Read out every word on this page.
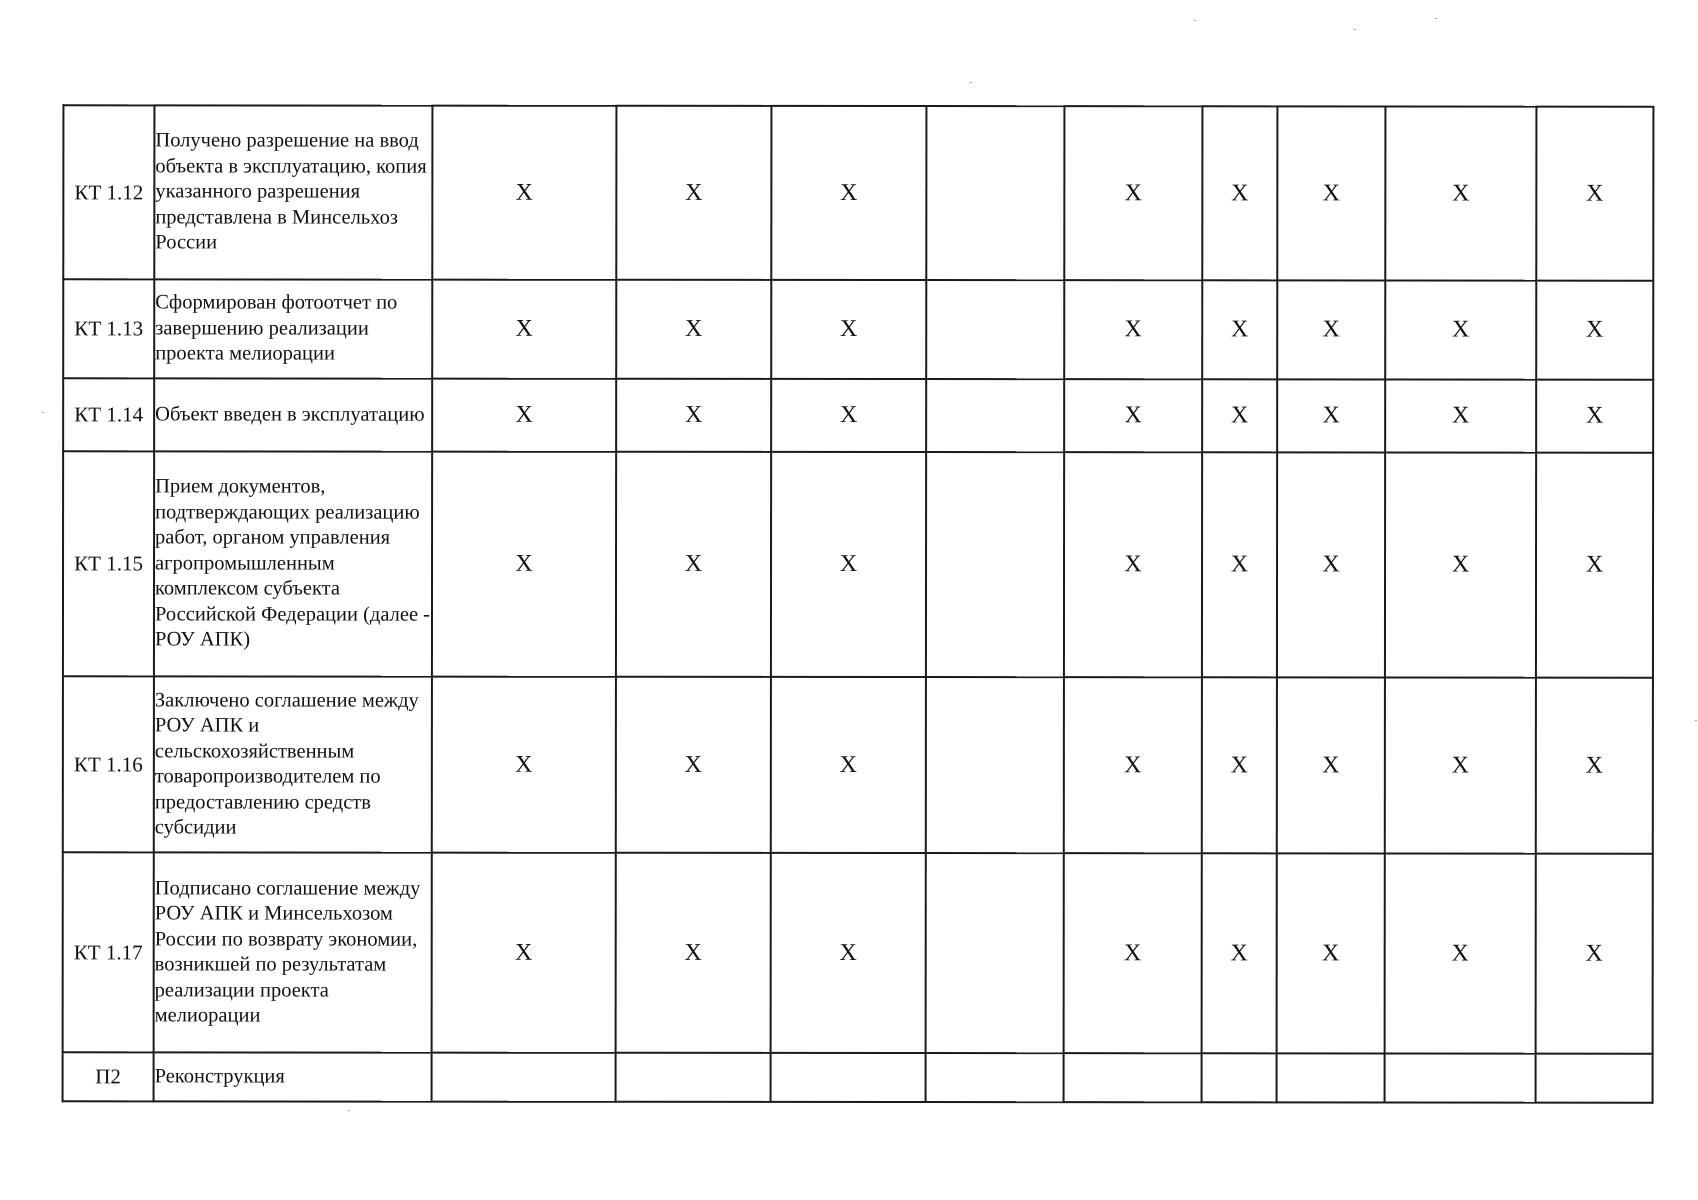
КТ 1.12	Получено разрешение на ввод объекта в эксплуатацию, копия указанного разрешения представлена в Минсельхоз России	X	X	X		X	X	X	X	X
КТ 1.13	Сформирован фотоотчет по завершению реализации проекта мелиорации	X	X	X		X	X	X	X	X
КТ 1.14	Объект введен в эксплуатацию	X	X	X		X	X	X	X	X
КТ 1.15	Прием документов, подтверждающих реализацию работ, органом управления агропромышленным комплексом субъекта Российской Федерации (далее - РОУ АПК)	X	X	X		X	X	X	X	X
КТ 1.16	Заключено соглашение между РОУ АПК и сельскохозяйственным товаропроизводителем по предоставлению средств субсидии	X	X	X		X	X	X	X	X
КТ 1.17	Подписано соглашение между РОУ АПК и Минсельхозом России по возврату экономии, возникшей по результатам реализации проекта мелиорации	X	X	X		X	X	X	X	X
П2	Реконструкция									
